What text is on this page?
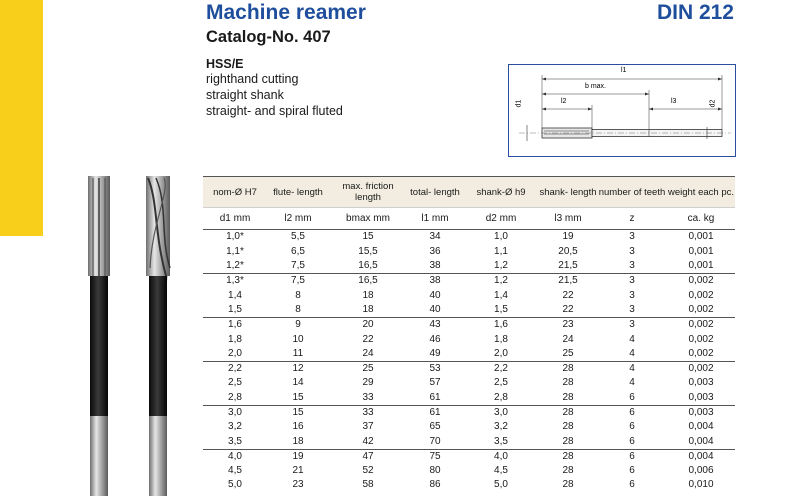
Machine reamer	DIN 212
Catalog-No. 407
HSS/E
righthand cutting
straight shank
straight- and spiral fluted
l1
b max.
l2	l3
d1	d2
nom-Ø H7	flute- length	max. friction length	total- length	shank-Ø h9	shank- length	number of teeth	weight each pc.
d1 mm	l2 mm	bmax mm	l1 mm	d2 mm	l3 mm	z	ca. kg
1,0*	5,5	15	34	1,0	19	3	0,001
1,1*	6,5	15,5	36	1,1	20,5	3	0,001
1,2*	7,5	16,5	38	1,2	21,5	3	0,001
1,3*	7,5	16,5	38	1,2	21,5	3	0,002
1,4	8	18	40	1,4	22	3	0,002
1,5	8	18	40	1,5	22	3	0,002
1,6	9	20	43	1,6	23	3	0,002
1,8	10	22	46	1,8	24	4	0,002
2,0	11	24	49	2,0	25	4	0,002
2,2	12	25	53	2,2	28	4	0,002
2,5	14	29	57	2,5	28	4	0,003
2,8	15	33	61	2,8	28	6	0,003
3,0	15	33	61	3,0	28	6	0,003
3,2	16	37	65	3,2	28	6	0,004
3,5	18	42	70	3,5	28	6	0,004
4,0	19	47	75	4,0	28	6	0,004
4,5	21	52	80	4,5	28	6	0,006
5,0	23	58	86	5,0	28	6	0,010
